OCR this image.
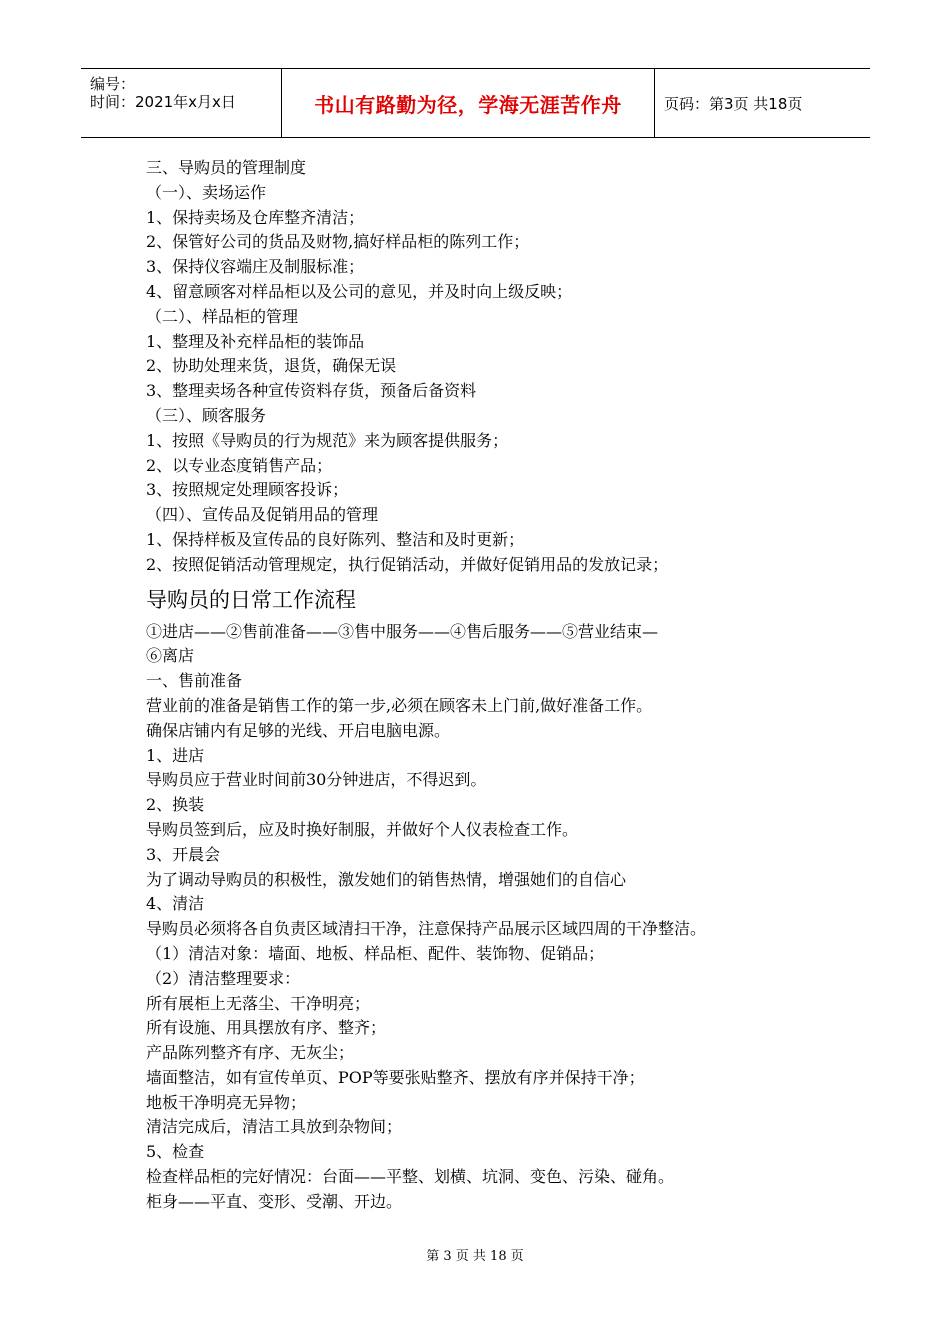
编号：
时间：2021年x月x日	书山有路勤为径，学海无涯苦作舟	页码：第3页 共18页
三、导购员的管理制度
（一）、卖场运作
1、保持卖场及仓库整齐清洁；
2、保管好公司的货品及财物,搞好样品柜的陈列工作；
3、保持仪容端庄及制服标准；
4、留意顾客对样品柜以及公司的意见，并及时向上级反映；
（二）、样品柜的管理
1、整理及补充样品柜的装饰品
2、协助处理来货，退货，确保无误
3、整理卖场各种宣传资料存货，预备后备资料
（三）、顾客服务
1、按照《导购员的行为规范》来为顾客提供服务；
2、以专业态度销售产品；
3、按照规定处理顾客投诉；
（四）、宣传品及促销用品的管理
1、保持样板及宣传品的良好陈列、整洁和及时更新；
2、按照促销活动管理规定，执行促销活动，并做好促销用品的发放记录；
导购员的日常工作流程
①进店——②售前准备——③售中服务——④售后服务——⑤营业结束—
⑥离店
一、售前准备
营业前的准备是销售工作的第一步,必须在顾客未上门前,做好准备工作。
确保店铺内有足够的光线、开启电脑电源。
1、进店
导购员应于营业时间前30分钟进店，不得迟到。
2、换装
导购员签到后，应及时换好制服，并做好个人仪表检查工作。
3、开晨会
为了调动导购员的积极性，激发她们的销售热情，增强她们的自信心
4、清洁
导购员必须将各自负责区域清扫干净，注意保持产品展示区域四周的干净整洁。
（1）清洁对象：墙面、地板、样品柜、配件、装饰物、促销品；
（2）清洁整理要求：
所有展柜上无落尘、干净明亮；
所有设施、用具摆放有序、整齐；
产品陈列整齐有序、无灰尘；
墙面整洁，如有宣传单页、POP等要张贴整齐、摆放有序并保持干净；
地板干净明亮无异物；
清洁完成后，清洁工具放到杂物间；
5、检查
检查样品柜的完好情况：台面——平整、划横、坑洞、变色、污染、碰角。
柜身——平直、变形、受潮、开边。
第 3 页 共 18 页
